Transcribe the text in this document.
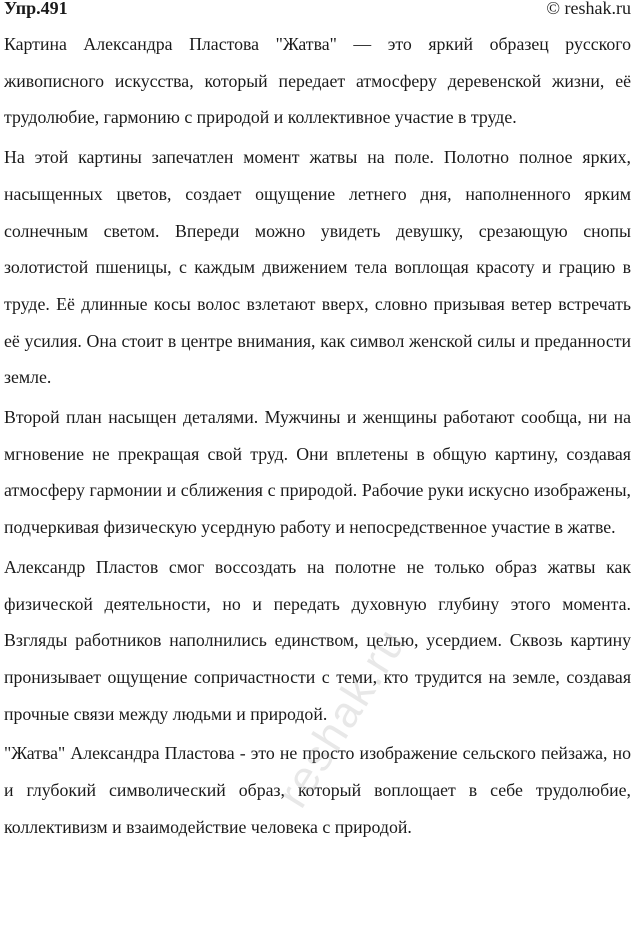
Упр.491	© reshak.ru

Картина Александра Пластова "Жатва" — это яркий образец русского живописного искусства, который передает атмосферу деревенской жизни, её трудолюбие, гармонию с природой и коллективное участие в труде.

На этой картины запечатлен момент жатвы на поле. Полотно полное ярких, насыщенных цветов, создает ощущение летнего дня, наполненного ярким солнечным светом. Впереди можно увидеть девушку, срезающую снопы золотистой пшеницы, с каждым движением тела воплощая красоту и грацию в труде. Её длинные косы волос взлетают вверх, словно призывая ветер встречать её усилия. Она стоит в центре внимания, как символ женской силы и преданности земле.

Второй план насыщен деталями. Мужчины и женщины работают сообща, ни на мгновение не прекращая свой труд. Они вплетены в общую картину, создавая атмосферу гармонии и сближения с природой. Рабочие руки искусно изображены, подчеркивая физическую усердную работу и непосредственное участие в жатве.

Александр Пластов смог воссоздать на полотне не только образ жатвы как физической деятельности, но и передать духовную глубину этого момента. Взгляды работников наполнились единством, целью, усердием. Сквозь картину пронизывает ощущение сопричастности с теми, кто трудится на земле, создавая прочные связи между людьми и природой.

"Жатва" Александра Пластова - это не просто изображение сельского пейзажа, но и глубокий символический образ, который воплощает в себе трудолюбие, коллективизм и взаимодействие человека с природой.

reshak.ru
